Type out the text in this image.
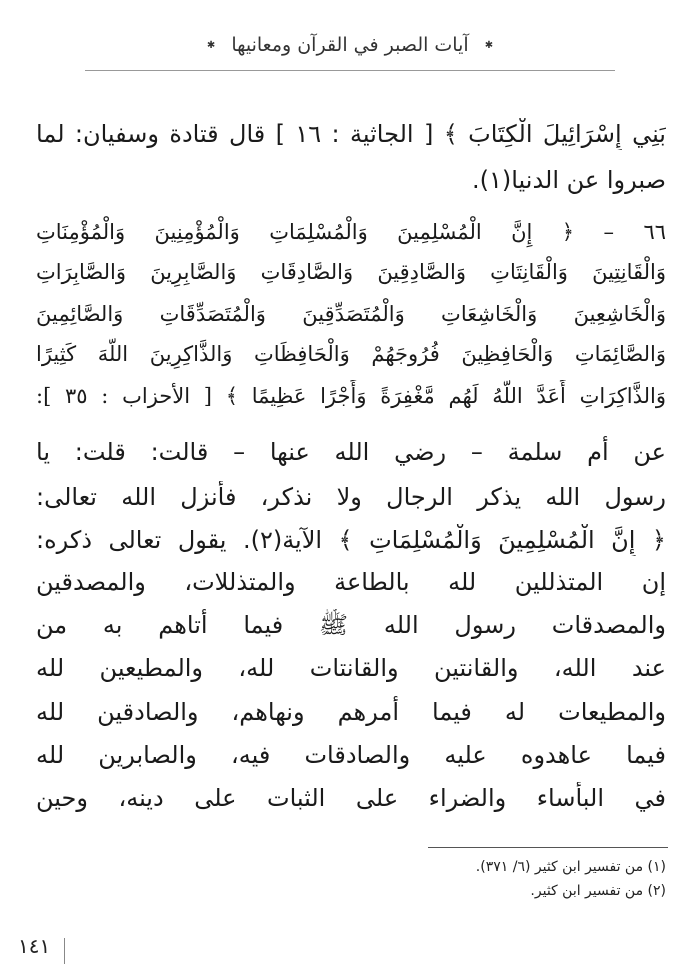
✱ آيات الصبر في القرآن ومعانيها ✱
بَنِي إِسْرَائِيلَ الْكِتَابَ ﴾ [ الجاثية : ١٦ ] قال قتادة وسفيان: لما
صبروا عن الدنيا(١).
٦٦ – ﴿ إِنَّ الْمُسْلِمِينَ وَالْمُسْلِمَاتِ وَالْمُؤْمِنِينَ وَالْمُؤْمِنَاتِ
وَالْقَانِتِينَ وَالْقَانِتَاتِ وَالصَّادِقِينَ وَالصَّادِقَاتِ وَالصَّابِرِينَ وَالصَّابِرَاتِ
وَالْخَاشِعِينَ وَالْخَاشِعَاتِ وَالْمُتَصَدِّقِينَ وَالْمُتَصَدِّقَاتِ وَالصَّائِمِينَ
وَالصَّائِمَاتِ وَالْحَافِظِينَ فُرُوجَهُمْ وَالْحَافِظَاتِ وَالذَّاكِرِينَ اللَّهَ كَثِيرًا
وَالذَّاكِرَاتِ أَعَدَّ اللَّهُ لَهُم مَّغْفِرَةً وَأَجْرًا عَظِيمًا ﴾ [ الأحزاب : ٣٥ ]:
عن أم سلمة – رضي الله عنها – قالت: قلت: يا
رسول الله يذكر الرجال ولا نذكر، فأنزل الله تعالى:
﴿ إِنَّ الْمُسْلِمِينَ وَالْمُسْلِمَاتِ ﴾ الآية(٢). يقول تعالى ذكره:
إن المتذللين لله بالطاعة والمتذللات، والمصدقين
والمصدقات رسول الله ﷺ فيما أتاهم به من
عند الله، والقانتين والقانتات لله، والمطيعين لله
والمطيعات له فيما أمرهم ونهاهم، والصادقين لله
فيما عاهدوه عليه والصادقات فيه، والصابرين لله
في البأساء والضراء على الثبات على دينه، وحين
(١) من تفسير ابن كثير (٦/ ٣٧١).
(٢) من تفسير ابن كثير.
١٤١
